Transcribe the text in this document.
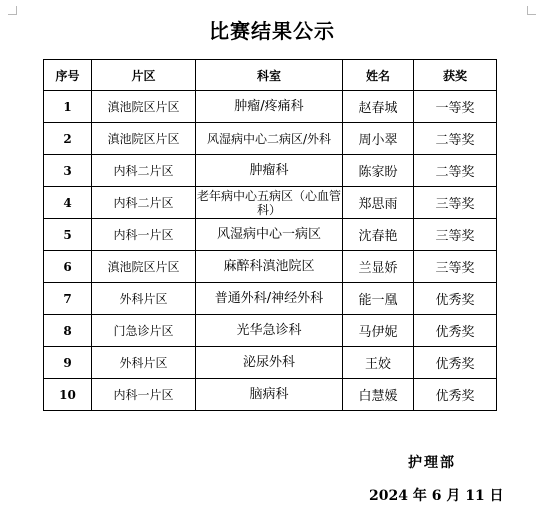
比赛结果公示
序号	片区	科室	姓名	获奖
1	滇池院区片区	肿瘤/疼痛科	赵春城	一等奖
2	滇池院区片区	风湿病中心二病区/外科	周小翠	二等奖
3	内科二片区	肿瘤科	陈家盼	二等奖
4	内科二片区	老年病中心五病区（心血管科）	郑思雨	三等奖
5	内科一片区	风湿病中心一病区	沈春艳	三等奖
6	滇池院区片区	麻醉科滇池院区	兰显娇	三等奖
7	外科片区	普通外科/神经外科	能一凰	优秀奖
8	门急诊片区	光华急诊科	马伊妮	优秀奖
9	外科片区	泌尿外科	王姣	优秀奖
10	内科一片区	脑病科	白慧媛	优秀奖
护理部
2024 年 6 月 11 日
